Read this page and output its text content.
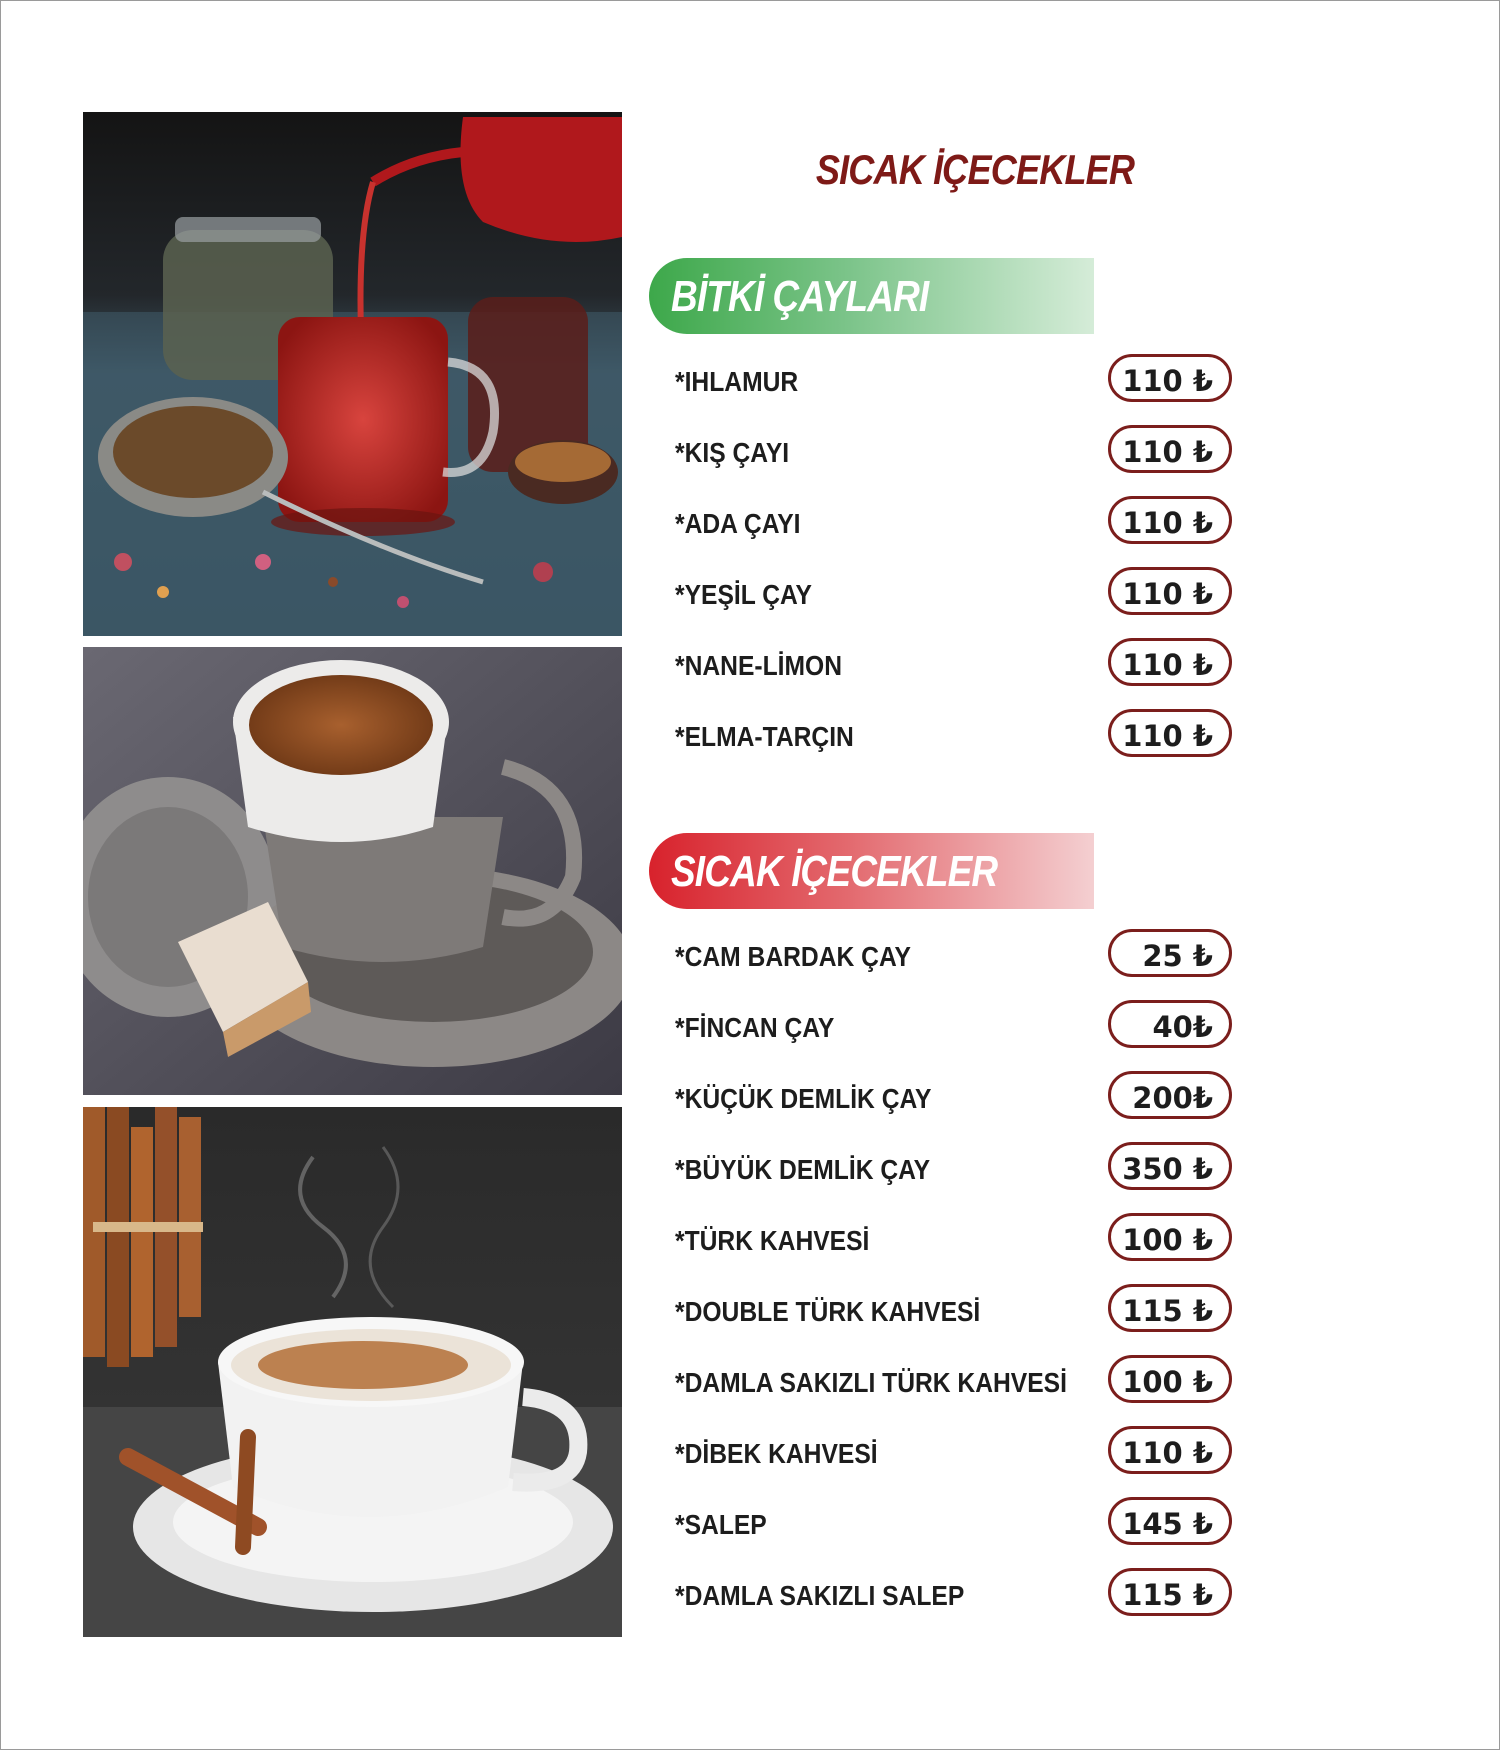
SICAK İÇECEKLER
BİTKİ ÇAYLARI
*IHLAMUR	110 ₺
*KIŞ ÇAYI	110 ₺
*ADA ÇAYI	110 ₺
*YEŞİL ÇAY	110 ₺
*NANE-LİMON	110 ₺
*ELMA-TARÇIN	110 ₺
SICAK İÇECEKLER
*CAM BARDAK ÇAY	25 ₺
*FİNCAN ÇAY	40₺
*KÜÇÜK DEMLİK ÇAY	200₺
*BÜYÜK DEMLİK ÇAY	350 ₺
*TÜRK KAHVESİ	100 ₺
*DOUBLE TÜRK KAHVESİ	115 ₺
*DAMLA SAKIZLI TÜRK KAHVESİ 100 ₺
*DİBEK KAHVESİ	110 ₺
*SALEP	145 ₺
*DAMLA SAKIZLI SALEP	115 ₺
